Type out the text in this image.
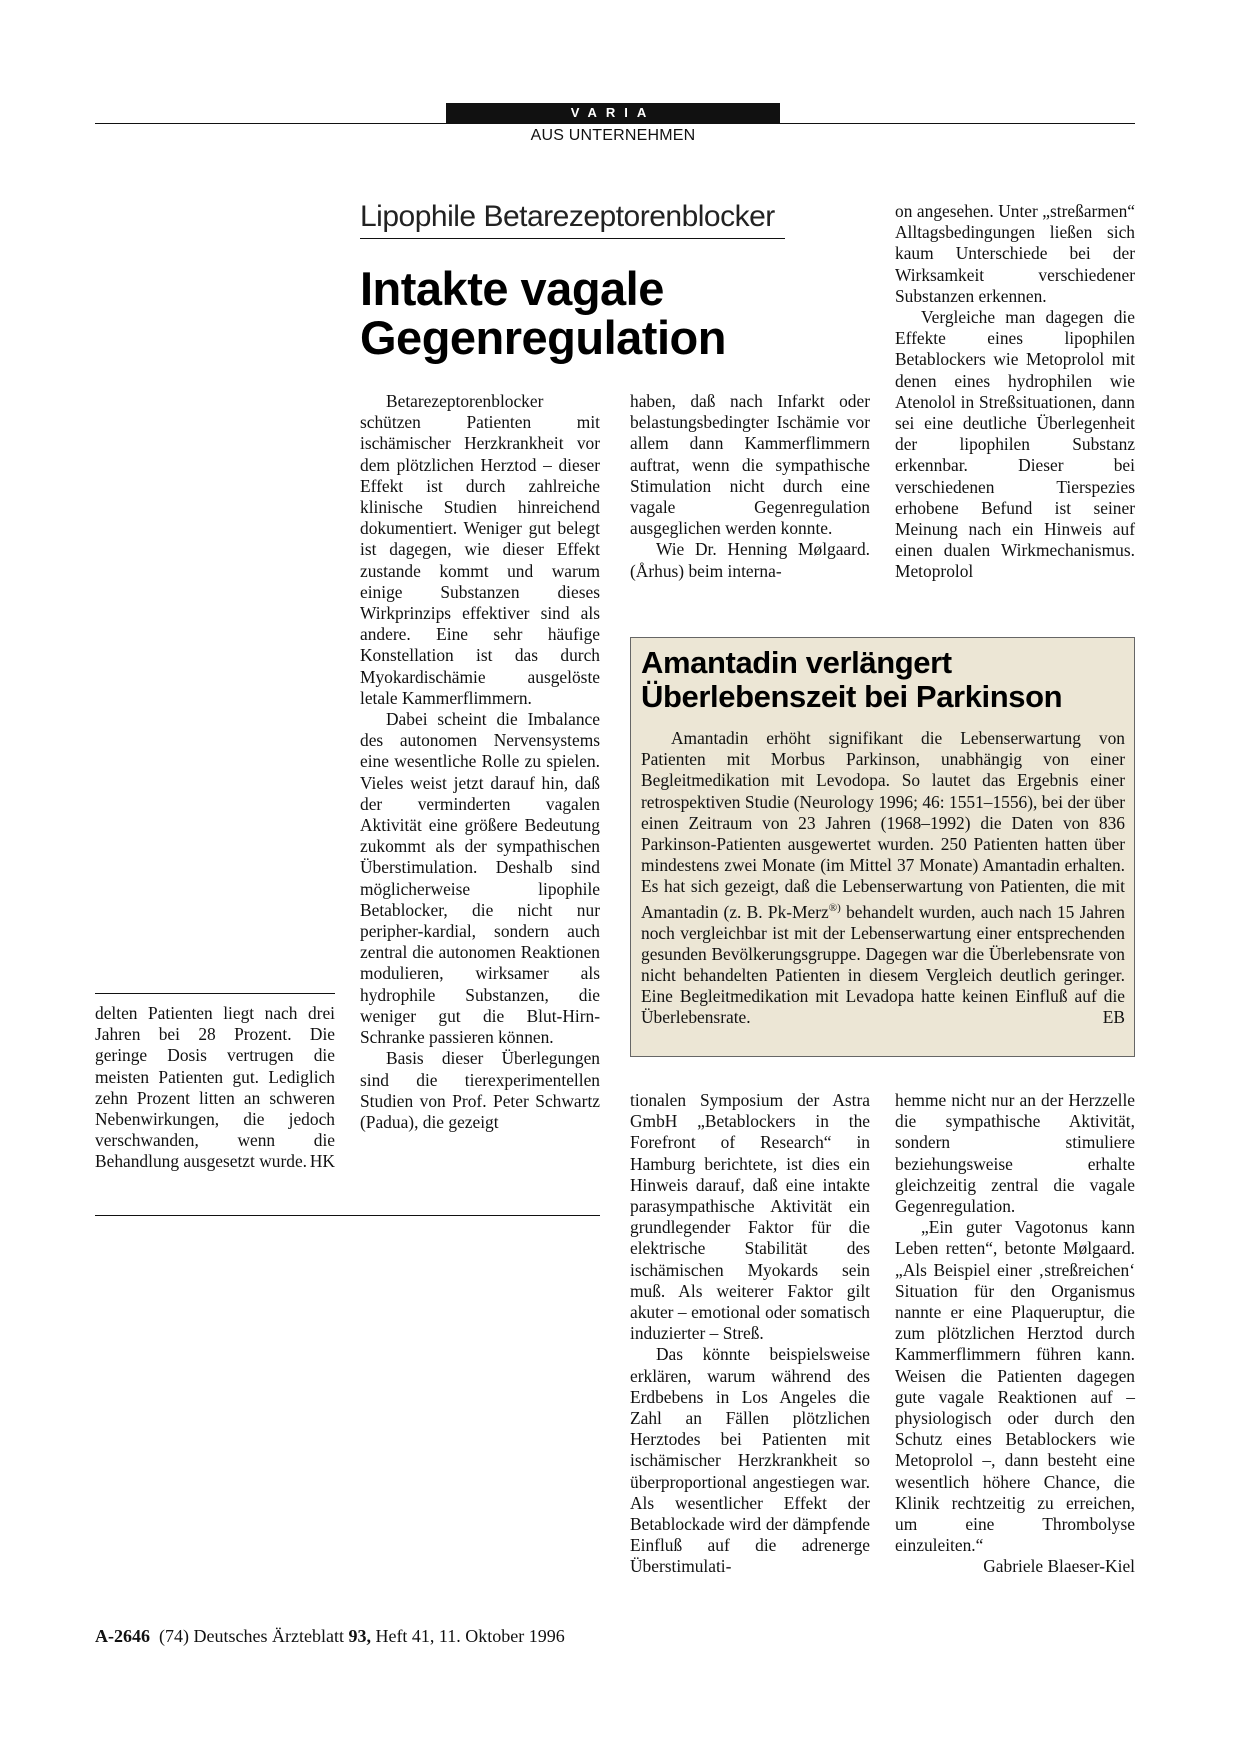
VARIA
AUS UNTERNEHMEN
Lipophile Betarezeptorenblocker
Intakte vagale Gegenregulation

Betarezeptorenblocker schützen Patienten mit ischämischer Herzkrankheit vor dem plötzlichen Herztod – dieser Effekt ist durch zahlreiche klinische Studien hinreichend dokumentiert. Weniger gut belegt ist dagegen, wie dieser Effekt zustande kommt und warum einige Substanzen dieses Wirkprinzips effektiver sind als andere. Eine sehr häufige Konstellation ist das durch Myokardischämie ausgelöste letale Kammerflimmern.

Dabei scheint die Imbalance des autonomen Nervensystems eine wesentliche Rolle zu spielen. Vieles weist jetzt darauf hin, daß der verminderten vagalen Aktivität eine größere Bedeutung zukommt als der sympathischen Überstimulation. Deshalb sind möglicherweise lipophile Betablocker, die nicht nur peripher-kardial, sondern auch zentral die autonomen Reaktionen modulieren, wirksamer als hydrophile Substanzen, die weniger gut die Blut-Hirn-Schranke passieren können.

Basis dieser Überlegungen sind die tierexperimentellen Studien von Prof. Peter Schwartz (Padua), die gezeigt

haben, daß nach Infarkt oder belastungsbedingter Ischämie vor allem dann Kammerflimmern auftrat, wenn die sympathische Stimulation nicht durch eine vagale Gegenregulation ausgeglichen werden konnte.

Wie Dr. Henning Mølgaard. (Århus) beim interna-

on angesehen. Unter „streßarmen“ Alltagsbedingungen ließen sich kaum Unterschiede bei der Wirksamkeit verschiedener Substanzen erkennen.

Vergleiche man dagegen die Effekte eines lipophilen Betablockers wie Metoprolol mit denen eines hydrophilen wie Atenolol in Streßsituationen, dann sei eine deutliche Überlegenheit der lipophilen Substanz erkennbar. Dieser bei verschiedenen Tierspezies erhobene Befund ist seiner Meinung nach ein Hinweis auf einen dualen Wirkmechanismus. Metoprolol

Amantadin verlängert
Überlebenszeit bei Parkinson

Amantadin erhöht signifikant die Lebenserwartung von Patienten mit Morbus Parkinson, unabhängig von einer Begleitmedikation mit Levodopa. So lautet das Ergebnis einer retrospektiven Studie (Neurology 1996; 46: 1551–1556), bei der über einen Zeitraum von 23 Jahren (1968–1992) die Daten von 836 Parkinson-Patienten ausgewertet wurden. 250 Patienten hatten über mindestens zwei Monate (im Mittel 37 Monate) Amantadin erhalten. Es hat sich gezeigt, daß die Lebenserwartung von Patienten, die mit Amantadin (z. B. Pk-Merz®) behandelt wurden, auch nach 15 Jahren noch vergleichbar ist mit der Lebenserwartung einer entsprechenden gesunden Bevölkerungsgruppe. Dagegen war die Überlebensrate von nicht behandelten Patienten in diesem Vergleich deutlich geringer. Eine Begleitmedikation mit Levadopa hatte keinen Einfluß auf die Überlebensrate.	EB

delten Patienten liegt nach drei Jahren bei 28 Prozent. Die geringe Dosis vertrugen die meisten Patienten gut. Lediglich zehn Prozent litten an schweren Nebenwirkungen, die jedoch verschwanden, wenn die Behandlung ausgesetzt wurde. HK

tionalen Symposium der Astra GmbH „Betablockers in the Forefront of Research“ in Hamburg berichtete, ist dies ein Hinweis darauf, daß eine intakte parasympathische Aktivität ein grundlegender Faktor für die elektrische Stabilität des ischämischen Myokards sein muß. Als weiterer Faktor gilt akuter – emotional oder somatisch induzierter – Streß.

Das könnte beispielsweise erklären, warum während des Erdbebens in Los Angeles die Zahl an Fällen plötzlichen Herztodes bei Patienten mit ischämischer Herzkrankheit so überproportional angestiegen war. Als wesentlicher Effekt der Betablockade wird der dämpfende Einfluß auf die adrenerge Überstimulati-

hemme nicht nur an der Herzzelle die sympathische Aktivität, sondern stimuliere beziehungsweise erhalte gleichzeitig zentral die vagale Gegenregulation.

„Ein guter Vagotonus kann Leben retten“, betonte Mølgaard. „Als Beispiel einer ‚streßreichen‘ Situation für den Organismus nannte er eine Plaqueruptur, die zum plötzlichen Herztod durch Kammerflimmern führen kann. Weisen die Patienten dagegen gute vagale Reaktionen auf – physiologisch oder durch den Schutz eines Betablockers wie Metoprolol –, dann besteht eine wesentlich höhere Chance, die Klinik rechtzeitig zu erreichen, um eine Thrombolyse einzuleiten.“
Gabriele Blaeser-Kiel

A-2646 (74) Deutsches Ärzteblatt 93, Heft 41, 11. Oktober 1996
